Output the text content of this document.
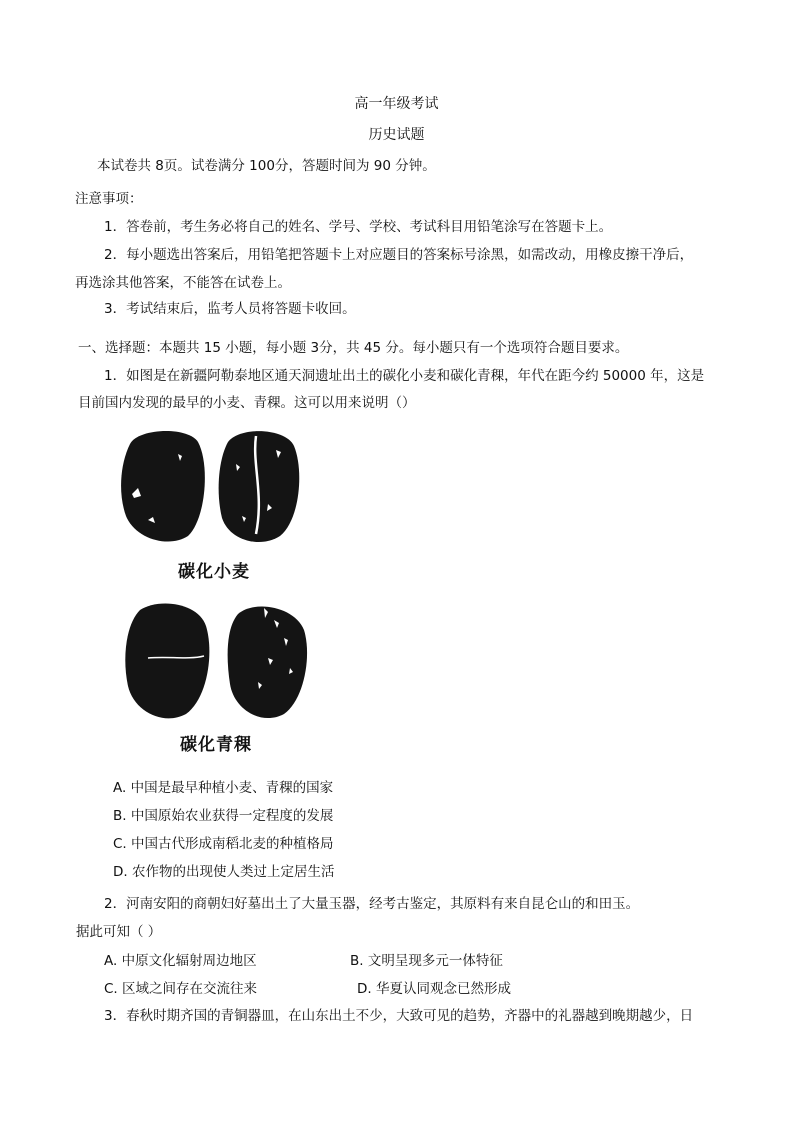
高一年级考试
历史试题
本试卷共 8页。试卷满分 100分，答题时间为 90 分钟。
注意事项：
1．答卷前，考生务必将自己的姓名、学号、学校、考试科目用铅笔涂写在答题卡上。
2．每小题选出答案后，用铅笔把答题卡上对应题目的答案标号涂黑，如需改动，用橡皮擦干净后，
再选涂其他答案，不能答在试卷上。
3．考试结束后，监考人员将答题卡收回。
一、选择题：本题共 15 小题，每小题 3分，共 45 分。每小题只有一个选项符合题目要求。
1．如图是在新疆阿勒泰地区通天洞遗址出土的碳化小麦和碳化青稞，年代在距今约 50000 年，这是
目前国内发现的最早的小麦、青稞。这可以用来说明（）
碳化小麦
碳化青稞
A. 中国是最早种植小麦、青稞的国家
B. 中国原始农业获得一定程度的发展
C. 中国古代形成南稻北麦的种植格局
D. 农作物的出现使人类过上定居生活
2．河南安阳的商朝妇好墓出土了大量玉器，经考古鉴定，其原料有来自昆仑山的和田玉。
据此可知（ ）
A. 中原文化辐射周边地区	B. 文明呈现多元一体特征
C. 区域之间存在交流往来	D. 华夏认同观念已然形成
3．春秋时期齐国的青铜器皿，在山东出土不少，大致可见的趋势，齐器中的礼器越到晚期越少，日
